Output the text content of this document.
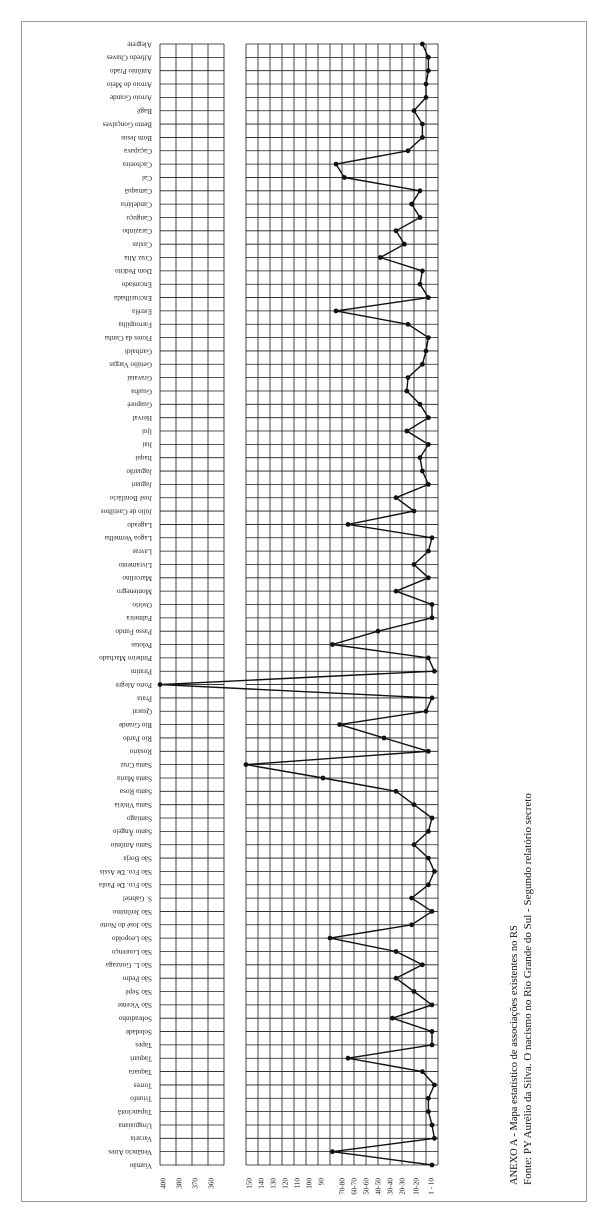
Alegrete
Alfredo Chaves
Antônio Prado
Arroio do Meio
Arroio Grande
Bagé
Bento Gonçalves
Bom Jesus
Caçapava
Cachoeira
Caí
Camaquã
Candelária
Canguçu
Carazinho
Caxias
Cruz Alta
Dom Pedrito
Encantado
Encruzilhada
Estrêla
Farroupilha
Flores da Cunha
Garibaldi
Getúlio Vargas
Gravataí
Guaíba
Guaporé
Herval
Ijuí
Itaí
Itaqui
Jaguarão
Jaguari
José Bonifácio
Júlio de Castilhos
Lageado
Lagoa Vermelha
Lavras
Livramento
Marcelino
Montenegro
Osório
Palmeira
Passo Fundo
Pelotas
Pinheiro Machado
Piratini
Porto Alegre
Prata
Quaraí
Rio Grande
Rio Pardo
Rosário
Santa Cruz
Santa Maria
Santa Rosa
Santa Vitória
Santiago
Santo Ângelo
Santo Antônio
São Borja
São Fco. De Assis
São Fco. De Paula
S. Gabriel
São Jerônimo
São José do Norte
São Leopoldo
São Lourenço
São L. Gonzaga
São Pedro
São Sepé
São Vicente
Sobradinho
Soledade
Tapes
Taquari
Taquara
Torres
Triunfo
Tupanciretã
Uruguaiana
Vacaria
Venâncio Aires
Viamão
400 380 370 360	150 140 130 120 110 100 90 70-80 60-70 50-60 40-50 30-40 20-30 10-20 1 - 10
ANEXO A - Mapa estatístico de associações existentes no RS Fonte: PY Aurélio da Silva. O nacismo no Rio Grande do Sul - Segundo relatório secreto
